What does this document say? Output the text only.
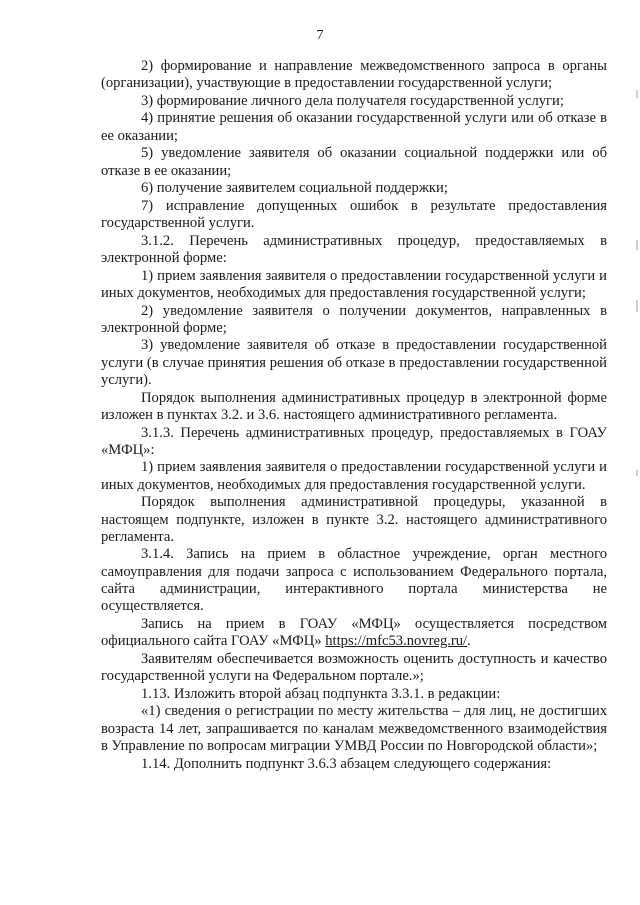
7

2) формирование и направление межведомственного запроса в органы (организации), участвующие в предоставлении государственной услуги;

3) формирование личного дела получателя государственной услуги;

4) принятие решения об оказании государственной услуги или об отказе в ее оказании;

5) уведомление заявителя об оказании социальной поддержки или об отказе в ее оказании;

6) получение заявителем социальной поддержки;

7) исправление допущенных ошибок в результате предоставления государственной услуги.

3.1.2. Перечень административных процедур, предоставляемых в электронной форме:

1) прием заявления заявителя о предоставлении государственной услуги и иных документов, необходимых для предоставления государственной услуги;

2) уведомление заявителя о получении документов, направленных в электронной форме;

3) уведомление заявителя об отказе в предоставлении государственной услуги (в случае принятия решения об отказе в предоставлении государственной услуги).

Порядок выполнения административных процедур в электронной форме изложен в пунктах 3.2. и 3.6. настоящего административного регламента.

3.1.3. Перечень административных процедур, предоставляемых в ГОАУ «МФЦ»:

1) прием заявления заявителя о предоставлении государственной услуги и иных документов, необходимых для предоставления государственной услуги.

Порядок выполнения административной процедуры, указанной в настоящем подпункте, изложен в пункте 3.2. настоящего административного регламента.

3.1.4. Запись на прием в областное учреждение, орган местного самоуправления для подачи запроса с использованием Федерального портала, сайта администрации, интерактивного портала министерства не осуществляется.

Запись на прием в ГОАУ «МФЦ» осуществляется посредством официального сайта ГОАУ «МФЦ» https://mfc53.novreg.ru/.

Заявителям обеспечивается возможность оценить доступность и качество государственной услуги на Федеральном портале.»;

1.13. Изложить второй абзац подпункта 3.3.1. в редакции:

«1) сведения о регистрации по месту жительства – для лиц, не достигших возраста 14 лет, запрашивается по каналам межведомственного взаимодействия в Управление по вопросам миграции УМВД России по Новгородской области»;

1.14. Дополнить подпункт 3.6.3 абзацем следующего содержания:
